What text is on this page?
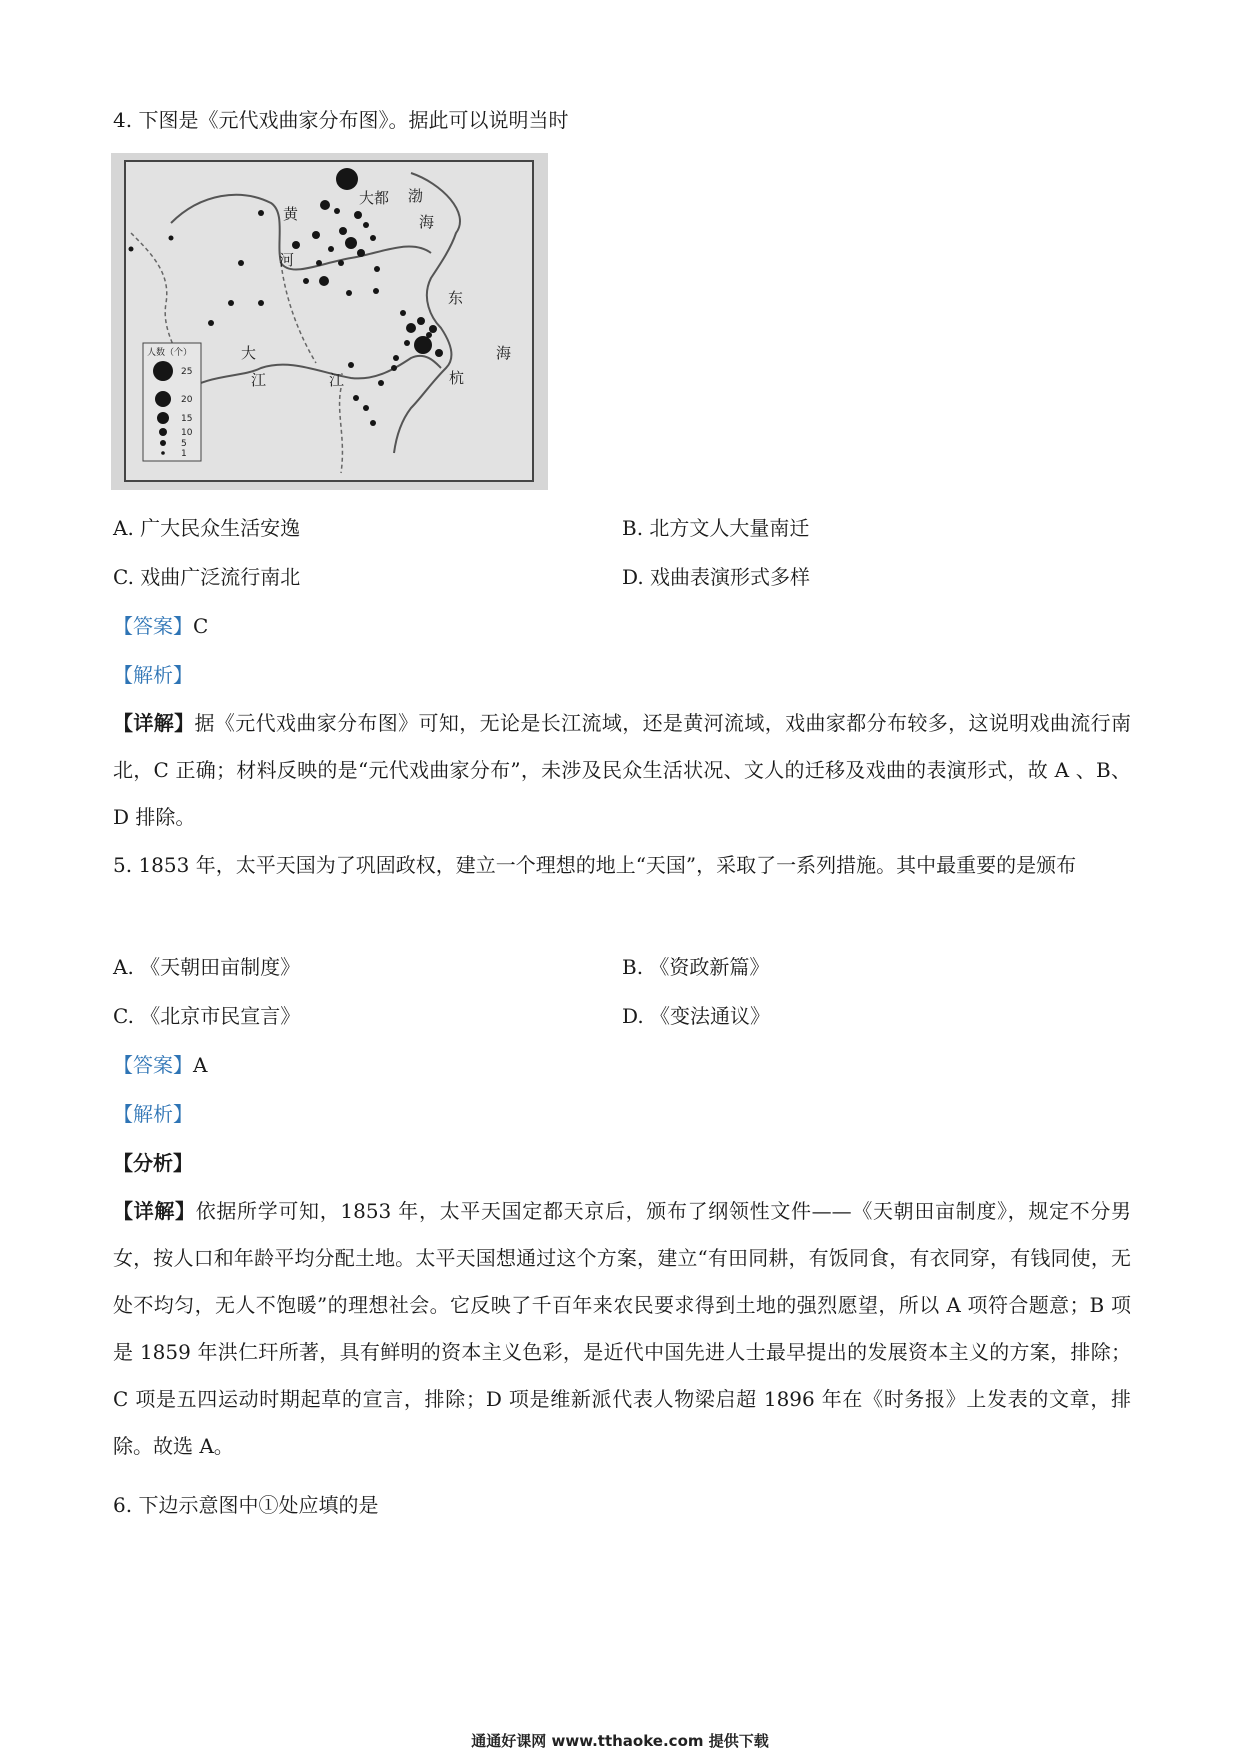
4. 下图是《元代戏曲家分布图》。据此可以说明当时
大都
黄
河
渤
海
东
海
大
江	江	杭
人数（个）
25
20
15
10
5
1
A. 广大民众生活安逸	B. 北方文人大量南迁
C. 戏曲广泛流行南北	D. 戏曲表演形式多样
【答案】C
【解析】
【详解】据《元代戏曲家分布图》可知，无论是长江流域，还是黄河流域，戏曲家都分布较多，这说明戏曲流行南北，C 正确；材料反映的是“元代戏曲家分布”，未涉及民众生活状况、文人的迁移及戏曲的表演形式，故 A 、B、D 排除。
5. 1853 年，太平天国为了巩固政权，建立一个理想的地上“天国”，采取了一系列措施。其中最重要的是颁布
A. 《天朝田亩制度》	B. 《资政新篇》
C. 《北京市民宣言》	D. 《变法通议》
【答案】A
【解析】
【分析】
【详解】依据所学可知，1853 年，太平天国定都天京后，颁布了纲领性文件——《天朝田亩制度》，规定不分男女，按人口和年龄平均分配土地。太平天国想通过这个方案，建立“有田同耕，有饭同食，有衣同穿，有钱同使，无处不均匀，无人不饱暖”的理想社会。它反映了千百年来农民要求得到土地的强烈愿望，所以 A 项符合题意；B 项是 1859 年洪仁玕所著，具有鲜明的资本主义色彩，是近代中国先进人士最早提出的发展资本主义的方案，排除；C 项是五四运动时期起草的宣言，排除；D 项是维新派代表人物梁启超 1896 年在《时务报》上发表的文章，排除。故选 A。
6. 下边示意图中①处应填的是
通通好课网 www.tthaoke.com 提供下载
